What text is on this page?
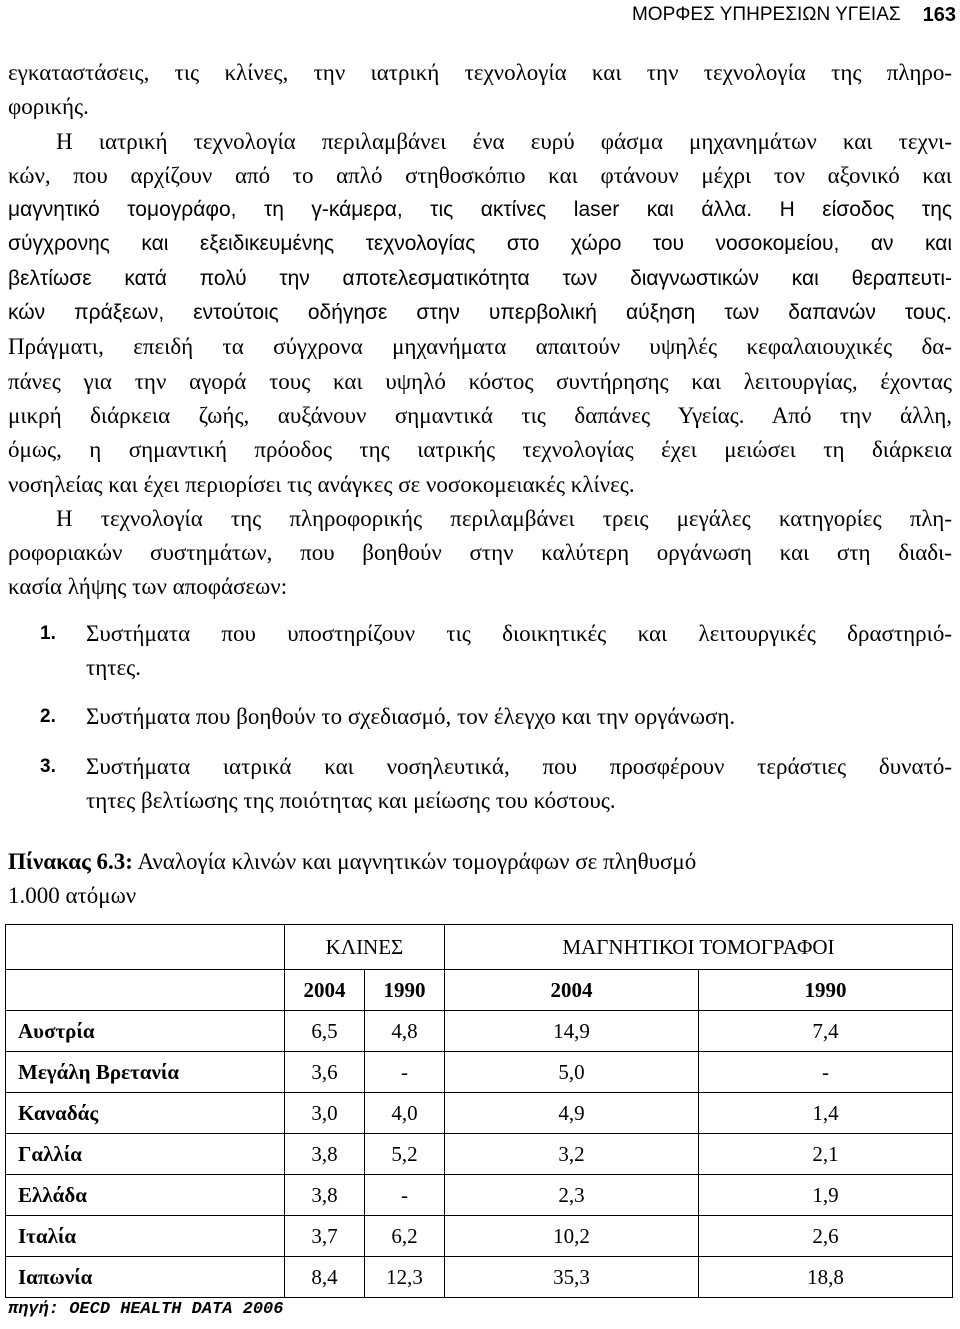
ΜΟΡΦΕΣ ΥΠΗΡΕΣΙΩΝ ΥΓΕΙΑΣ 163
εγκαταστάσεις, τις κλίνες, την ιατρική τεχνολογία και την τεχνολογία της πληρο-
φορικής.
Η ιατρική τεχνολογία περιλαμβάνει ένα ευρύ φάσμα μηχανημάτων και τεχνι-
κών, που αρχίζουν από το απλό στηθοσκόπιο και φτάνουν μέχρι τον αξονικό και
μαγνητικό τομογράφο, τη γ-κάμερα, τις ακτίνες laser και άλλα. Η είσοδος της
σύγχρονης και εξειδικευμένης τεχνολογίας στο χώρο του νοσοκομείου, αν και
βελτίωσε κατά πολύ την αποτελεσματικότητα των διαγνωστικών και θεραπευτι-
κών πράξεων, εντούτοις οδήγησε στην υπερβολική αύξηση των δαπανών τους.
Πράγματι, επειδή τα σύγχρονα μηχανήματα απαιτούν υψηλές κεφαλαιουχικές δα-
πάνες για την αγορά τους και υψηλό κόστος συντήρησης και λειτουργίας, έχοντας
μικρή διάρκεια ζωής, αυξάνουν σημαντικά τις δαπάνες Υγείας. Από την άλλη,
όμως, η σημαντική πρόοδος της ιατρικής τεχνολογίας έχει μειώσει τη διάρκεια
νοσηλείας και έχει περιορίσει τις ανάγκες σε νοσοκομειακές κλίνες.
Η τεχνολογία της πληροφορικής περιλαμβάνει τρεις μεγάλες κατηγορίες πλη-
ροφοριακών συστημάτων, που βοηθούν στην καλύτερη οργάνωση και στη διαδι-
κασία λήψης των αποφάσεων:
1.	Συστήματα που υποστηρίζουν τις διοικητικές και λειτουργικές δραστηριό-
τητες.
2.	Συστήματα που βοηθούν το σχεδιασμό, τον έλεγχο και την οργάνωση.
3.	Συστήματα ιατρικά και νοσηλευτικά, που προσφέρουν τεράστιες δυνατό-
τητες βελτίωσης της ποιότητας και μείωσης του κόστους.
Πίνακας 6.3: Αναλογία κλινών και μαγνητικών τομογράφων σε πληθυσμό
1.000 ατόμων
	ΚΛΙΝΕΣ		ΜΑΓΝΗΤΙΚΟΙ ΤΟΜΟΓΡΑΦΟΙ	
	2004	1990	2004	1990
Αυστρία	6,5	4,8	14,9	7,4
Μεγάλη Βρετανία	3,6	-	5,0	-
Καναδάς	3,0	4,0	4,9	1,4
Γαλλία	3,8	5,2	3,2	2,1
Ελλάδα	3,8	-	2,3	1,9
Ιταλία	3,7	6,2	10,2	2,6
Ιαπωνία	8,4	12,3	35,3	18,8
πηγή: OECD HEALTH DATA 2006
